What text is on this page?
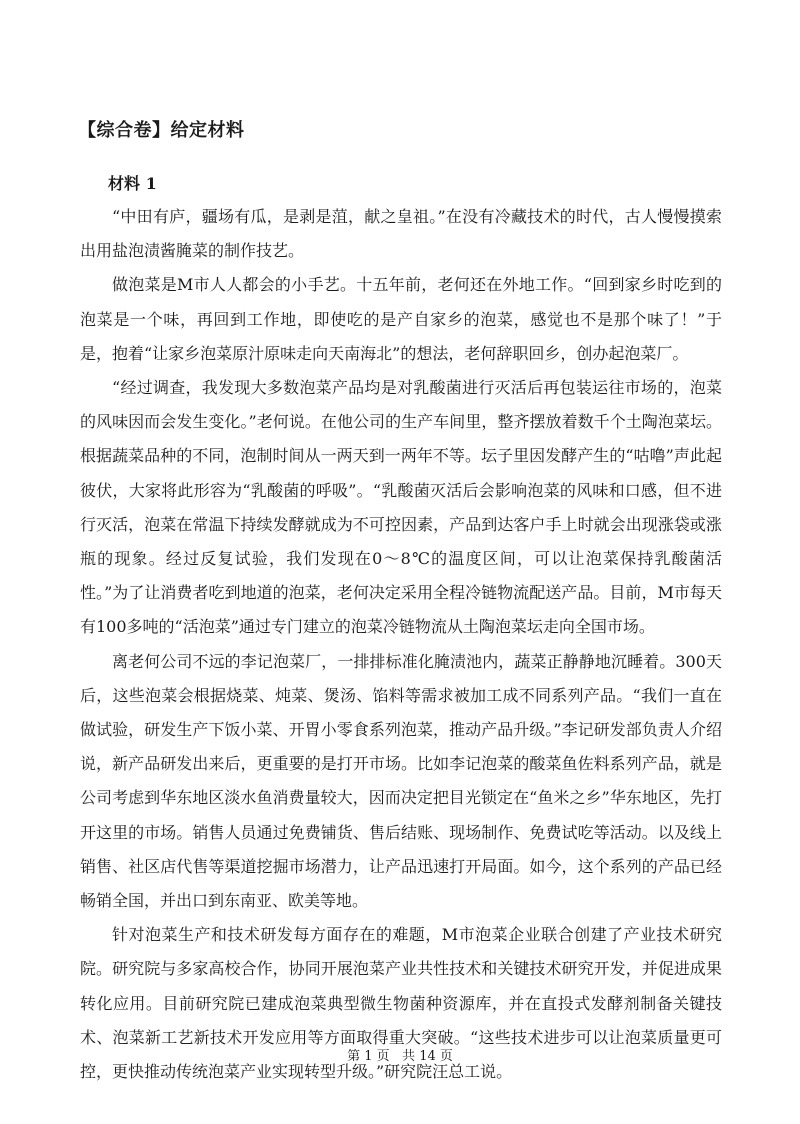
【综合卷】给定材料
材料 1

“中田有庐，疆场有瓜，是剥是菹，献之皇祖。”在没有冷藏技术的时代，古人慢慢摸索出用盐泡渍酱腌菜的制作技艺。

做泡菜是M市人人都会的小手艺。十五年前，老何还在外地工作。“回到家乡时吃到的泡菜是一个味，再回到工作地，即使吃的是产自家乡的泡菜，感觉也不是那个味了！”于是，抱着“让家乡泡菜原汁原味走向天南海北”的想法，老何辞职回乡，创办起泡菜厂。

“经过调查，我发现大多数泡菜产品均是对乳酸菌进行灭活后再包装运往市场的，泡菜的风味因而会发生变化。”老何说。在他公司的生产车间里，整齐摆放着数千个土陶泡菜坛。根据蔬菜品种的不同，泡制时间从一两天到一两年不等。坛子里因发酵产生的“咕噜”声此起彼伏，大家将此形容为“乳酸菌的呼吸”。“乳酸菌灭活后会影响泡菜的风味和口感，但不进行灭活，泡菜在常温下持续发酵就成为不可控因素，产品到达客户手上时就会出现涨袋或涨瓶的现象。经过反复试验，我们发现在0～8℃的温度区间，可以让泡菜保持乳酸菌活性。”为了让消费者吃到地道的泡菜，老何决定采用全程冷链物流配送产品。目前，M市每天有100多吨的“活泡菜”通过专门建立的泡菜冷链物流从土陶泡菜坛走向全国市场。

离老何公司不远的李记泡菜厂，一排排标准化腌渍池内，蔬菜正静静地沉睡着。300天后，这些泡菜会根据烧菜、炖菜、煲汤、馅料等需求被加工成不同系列产品。“我们一直在做试验，研发生产下饭小菜、开胃小零食系列泡菜，推动产品升级。”李记研发部负责人介绍说，新产品研发出来后，更重要的是打开市场。比如李记泡菜的酸菜鱼佐料系列产品，就是公司考虑到华东地区淡水鱼消费量较大，因而决定把目光锁定在“鱼米之乡”华东地区，先打开这里的市场。销售人员通过免费铺货、售后结账、现场制作、免费试吃等活动。以及线上销售、社区店代售等渠道挖掘市场潜力，让产品迅速打开局面。如今，这个系列的产品已经畅销全国，并出口到东南亚、欧美等地。

针对泡菜生产和技术研发每方面存在的难题，M市泡菜企业联合创建了产业技术研究院。研究院与多家高校合作，协同开展泡菜产业共性技术和关键技术研究开发，并促进成果转化应用。目前研究院已建成泡菜典型微生物菌种资源库，并在直投式发酵剂制备关键技术、泡菜新工艺新技术开发应用等方面取得重大突破。“这些技术进步可以让泡菜质量更可控，更快推动传统泡菜产业实现转型升级。”研究院汪总工说。

第 1 页   共 14 页
